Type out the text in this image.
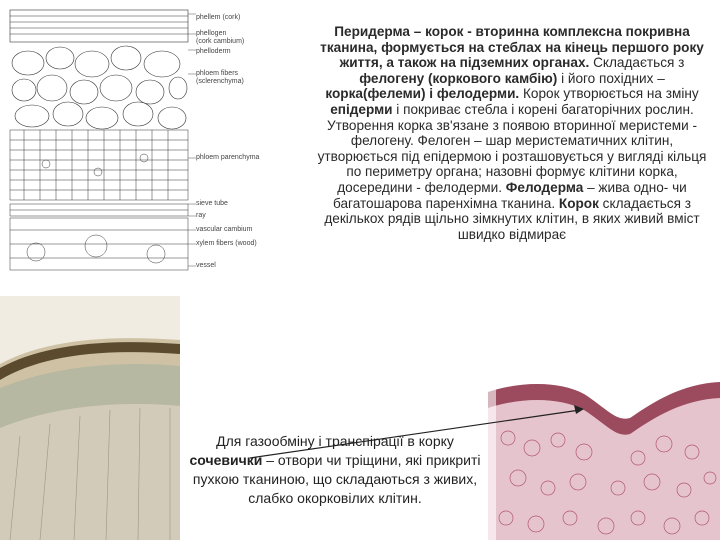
phellem (cork)
phellogen
(cork cambium)
phelloderm
phloem fibers
(sclerenchyma)
phloem parenchyma
sieve tube
ray
vascular cambium
xylem fibers (wood)
vessel
Перидерма – корок - вторинна комплексна покривна тканина, формується на стеблах на кінець першого року життя, а також на підземних органах. Складається з фелогену (коркового камбію) і його похідних – корка(фелеми) і фелодерми. Корок утворюється на зміну епідерми і покриває стебла і корені багаторічних рослин. Утворення корка зв'язане з появою вторинної меристеми - фелогену. Фелоген – шар меристематичних клітин, утворюється під епідермою і розташовується у вигляді кільця по периметру органа; назовні формує клітини корка, досередини - фелодерми. Фелодерма – жива одно- чи багатошарова паренхімна тканина. Корок складається з декількох рядів щільно зімкнутих клітин, в яких живий вміст швидко відмирає
Для газообміну і транспірації в корку сочевички – отвори чи тріщини, які прикриті пухкою тканиною, що складаються з живих, слабко окорковілих клітин.
